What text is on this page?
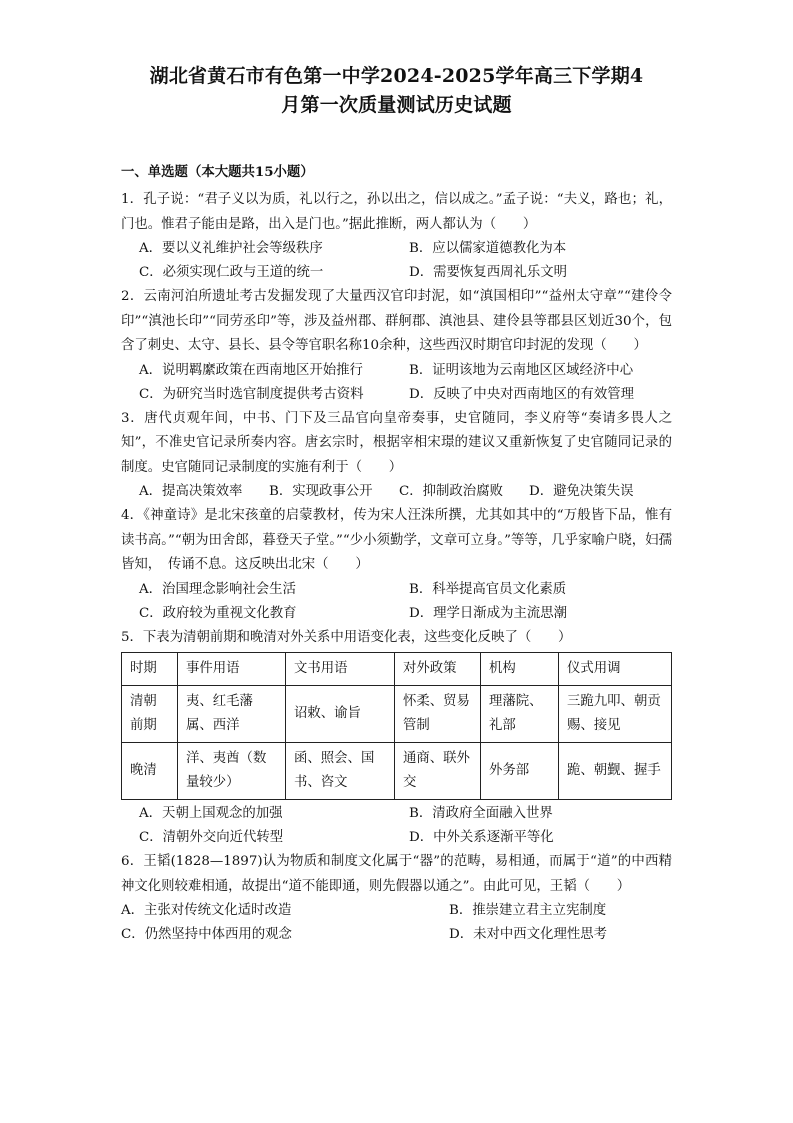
湖北省黄石市有色第一中学2024-2025学年高三下学期4
月第一次质量测试历史试题
一、单选题（本大题共15小题）

1．孔子说：“君子义以为质，礼以行之，孙以出之，信以成之。”孟子说：“夫义，路也；礼，门也。惟君子能由是路，出入是门也。”据此推断，两人都认为（　　）

A．要以义礼维护社会等级秩序	B．应以儒家道德教化为本
C．必须实现仁政与王道的统一	D．需要恢复西周礼乐文明

2．云南河泊所遗址考古发掘发现了大量西汉官印封泥，如“滇国相印”“益州太守章”“建伶令印”“滇池长印”“同劳丞印”等，涉及益州郡、群舸郡、滇池县、建伶县等郡县区划近30个，包含了刺史、太守、县长、县令等官职名称10余种，这些西汉时期官印封泥的发现（　　）

A．说明羁縻政策在西南地区开始推行	B．证明该地为云南地区区域经济中心
C．为研究当时选官制度提供考古资料	D．反映了中央对西南地区的有效管理

3．唐代贞观年间，中书、门下及三品官向皇帝奏事，史官随同，李义府等“奏请多畏人之知”，不准史官记录所奏内容。唐玄宗时，根据宰相宋璟的建议又重新恢复了史官随同记录的制度。史官随同记录制度的实施有利于（　　）

A．提高决策效率	B．实现政事公开	C．抑制政治腐败	D．避免决策失误

4．《神童诗》是北宋孩童的启蒙教材，传为宋人汪洙所撰，尤其如其中的“万般皆下品，惟有读书高。”“朝为田舍郎，暮登天子堂。”“少小须勤学，文章可立身。”等等，几乎家喻户晓，妇孺皆知，　传诵不息。这反映出北宋（　　）

A．治国理念影响社会生活	B．科举提高官员文化素质
C．政府较为重视文化教育	D．理学日渐成为主流思潮

5．下表为清朝前期和晚清对外关系中用语变化表，这些变化反映了（　　）

时期	事件用语	文书用语	对外政策	机构	仪式用调
清朝前期	夷、红毛藩属、西洋	诏敕、谕旨	怀柔、贸易管制	理藩院、礼部	三跪九叩、朝贡赐、接见
晚清	洋、夷酋（数量较少）	函、照会、国书、咨文	通商、联外交	外务部	跪、朝觐、握手
A．天朝上国观念的加强	B．清政府全面融入世界
C．清朝外交向近代转型	D．中外关系逐渐平等化

6．王韬(1828—1897)认为物质和制度文化属于“器”的范畴，易相通，而属于“道”的中西精神文化则较难相通，故提出“道不能即通，则先假器以通之”。由此可见，王韬（　　）

A．主张对传统文化适时改造	B．推崇建立君主立宪制度
C．仍然坚持中体西用的观念	D．未对中西文化理性思考
